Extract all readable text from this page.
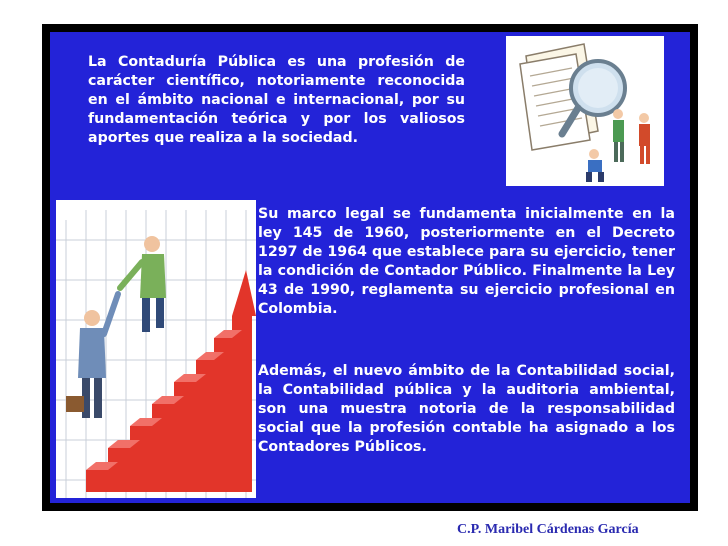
La Contaduría Pública es una profesión de carácter científico, notoriamente reconocida en el ámbito nacional e internacional, por su fundamentación teórica y por los valiosos aportes que realiza a la sociedad.

Su marco legal se fundamenta inicialmente en la ley 145 de 1960, posteriormente en el Decreto 1297 de 1964 que establece para su ejercicio, tener la condición de Contador Público. Finalmente la Ley 43 de 1990, reglamenta su ejercicio profesional en Colombia.

Además, el nuevo ámbito de la Contabilidad social, la Contabilidad pública y la auditoria ambiental, son una muestra notoria de la responsabilidad social que la profesión contable ha asignado a los Contadores Públicos.

C.P. Maribel Cárdenas García
